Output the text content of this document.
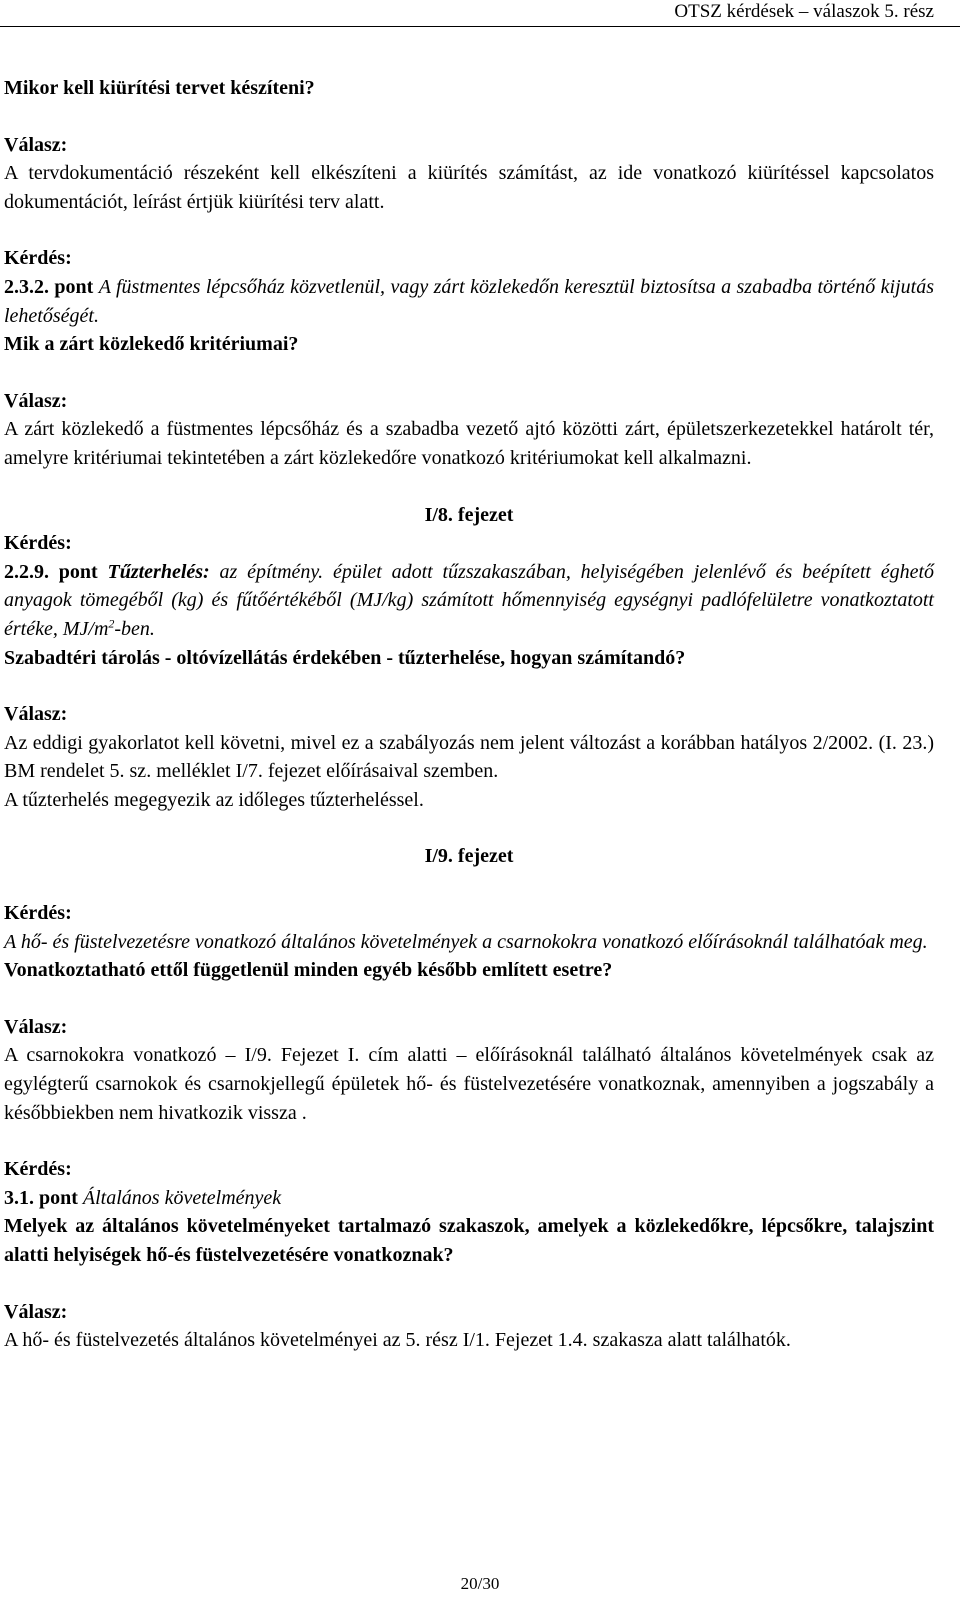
OTSZ kérdések – válaszok 5. rész

Mikor kell kiürítési tervet készíteni?

Válasz:

A tervdokumentáció részeként kell elkészíteni a kiürítés számítást, az ide vonatkozó kiürítéssel kapcsolatos dokumentációt, leírást értjük kiürítési terv alatt.

Kérdés:

2.3.2. pont A füstmentes lépcsőház közvetlenül, vagy zárt közlekedőn keresztül biztosítsa a szabadba történő kijutás lehetőségét.

Mik a zárt közlekedő kritériumai?

Válasz:

A zárt közlekedő a füstmentes lépcsőház és a szabadba vezető ajtó közötti zárt, épületszerkezetekkel határolt tér, amelyre kritériumai tekintetében a zárt közlekedőre vonatkozó kritériumokat kell alkalmazni.

I/8. fejezet

Kérdés:

2.2.9. pont Tűzterhelés: az építmény. épület adott tűzszakaszában, helyiségében jelenlévő és beépített éghető anyagok tömegéből (kg) és fűtőértékéből (MJ/kg) számított hőmennyiség egységnyi padlófelületre vonatkoztatott értéke, $MJ/m^2$-ben.

Szabadtéri tárolás - oltóvízellátás érdekében - tűzterhelése, hogyan számítandó?

Válasz:

Az eddigi gyakorlatot kell követni, mivel ez a szabályozás nem jelent változást a korábban hatályos 2/2002. (I. 23.) BM rendelet 5. sz. melléklet I/7. fejezet előírásaival szemben.

A tűzterhelés megegyezik az időleges tűzterheléssel.

I/9. fejezet

Kérdés:

A hő- és füstelvezetésre vonatkozó általános követelmények a csarnokokra vonatkozó előírásoknál találhatóak meg.

Vonatkoztatható ettől függetlenül minden egyéb később említett esetre?

Válasz:

A csarnokokra vonatkozó – I/9. Fejezet I. cím alatti – előírásoknál található általános követelmények csak az egylégterű csarnokok és csarnokjellegű épületek hő- és füstelvezetésére vonatkoznak, amennyiben a jogszabály a későbbiekben nem hivatkozik vissza .

Kérdés:

3.1. pont Általános követelmények

Melyek az általános követelményeket tartalmazó szakaszok, amelyek a közlekedőkre, lépcsőkre, talajszint alatti helyiségek hő-és füstelvezetésére vonatkoznak?

Válasz:

A hő- és füstelvezetés általános követelményei az 5. rész I/1. Fejezet 1.4. szakasza alatt találhatók.

20/30
